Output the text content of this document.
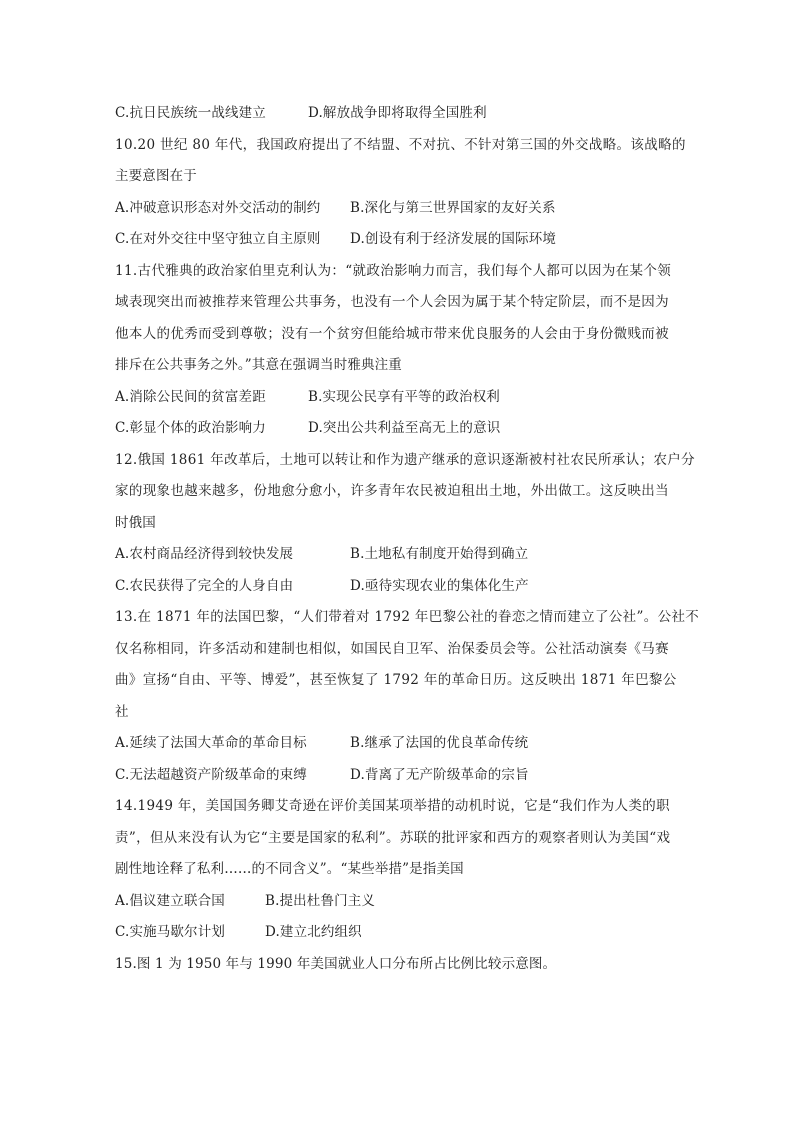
C.抗日民族统一战线建立	D.解放战争即将取得全国胜利
10.20 世纪 80 年代，我国政府提出了不结盟、不对抗、不针对第三国的外交战略。该战略的
主要意图在于
A.冲破意识形态对外交活动的制约	B.深化与第三世界国家的友好关系
C.在对外交往中坚守独立自主原则	D.创设有利于经济发展的国际环境
11.古代雅典的政治家伯里克利认为：“就政治影响力而言，我们每个人都可以因为在某个领
域表现突出而被推荐来管理公共事务，也没有一个人会因为属于某个特定阶层，而不是因为
他本人的优秀而受到尊敬；没有一个贫穷但能给城市带来优良服务的人会由于身份微贱而被
排斥在公共事务之外。”其意在强调当时雅典注重
A.消除公民间的贫富差距	B.实现公民享有平等的政治权利
C.彰显个体的政治影响力	D.突出公共利益至高无上的意识
12.俄国 1861 年改革后，土地可以转让和作为遗产继承的意识逐渐被村社农民所承认；农户分
家的现象也越来越多，份地愈分愈小，许多青年农民被迫租出土地，外出做工。这反映出当
时俄国
A.农村商品经济得到较快发展	B.土地私有制度开始得到确立
C.农民获得了完全的人身自由	D.亟待实现农业的集体化生产
13.在 1871 年的法国巴黎，“人们带着对 1792 年巴黎公社的眷恋之情而建立了公社”。公社不
仅名称相同，许多活动和建制也相似，如国民自卫军、治保委员会等。公社活动演奏《马赛
曲》宣扬“自由、平等、博爱”，甚至恢复了 1792 年的革命日历。这反映出 1871 年巴黎公
社
A.延续了法国大革命的革命目标	B.继承了法国的优良革命传统
C.无法超越资产阶级革命的束缚	D.背离了无产阶级革命的宗旨
14.1949 年，美国国务卿艾奇逊在评价美国某项举措的动机时说，它是“我们作为人类的职
责”，但从来没有认为它“主要是国家的私利”。苏联的批评家和西方的观察者则认为美国“戏
剧性地诠释了私利……的不同含义”。“某些举措”是指美国
A.倡议建立联合国	B.提出杜鲁门主义
C.实施马歇尔计划	D.建立北约组织
15.图 1 为 1950 年与 1990 年美国就业人口分布所占比例比较示意图。
